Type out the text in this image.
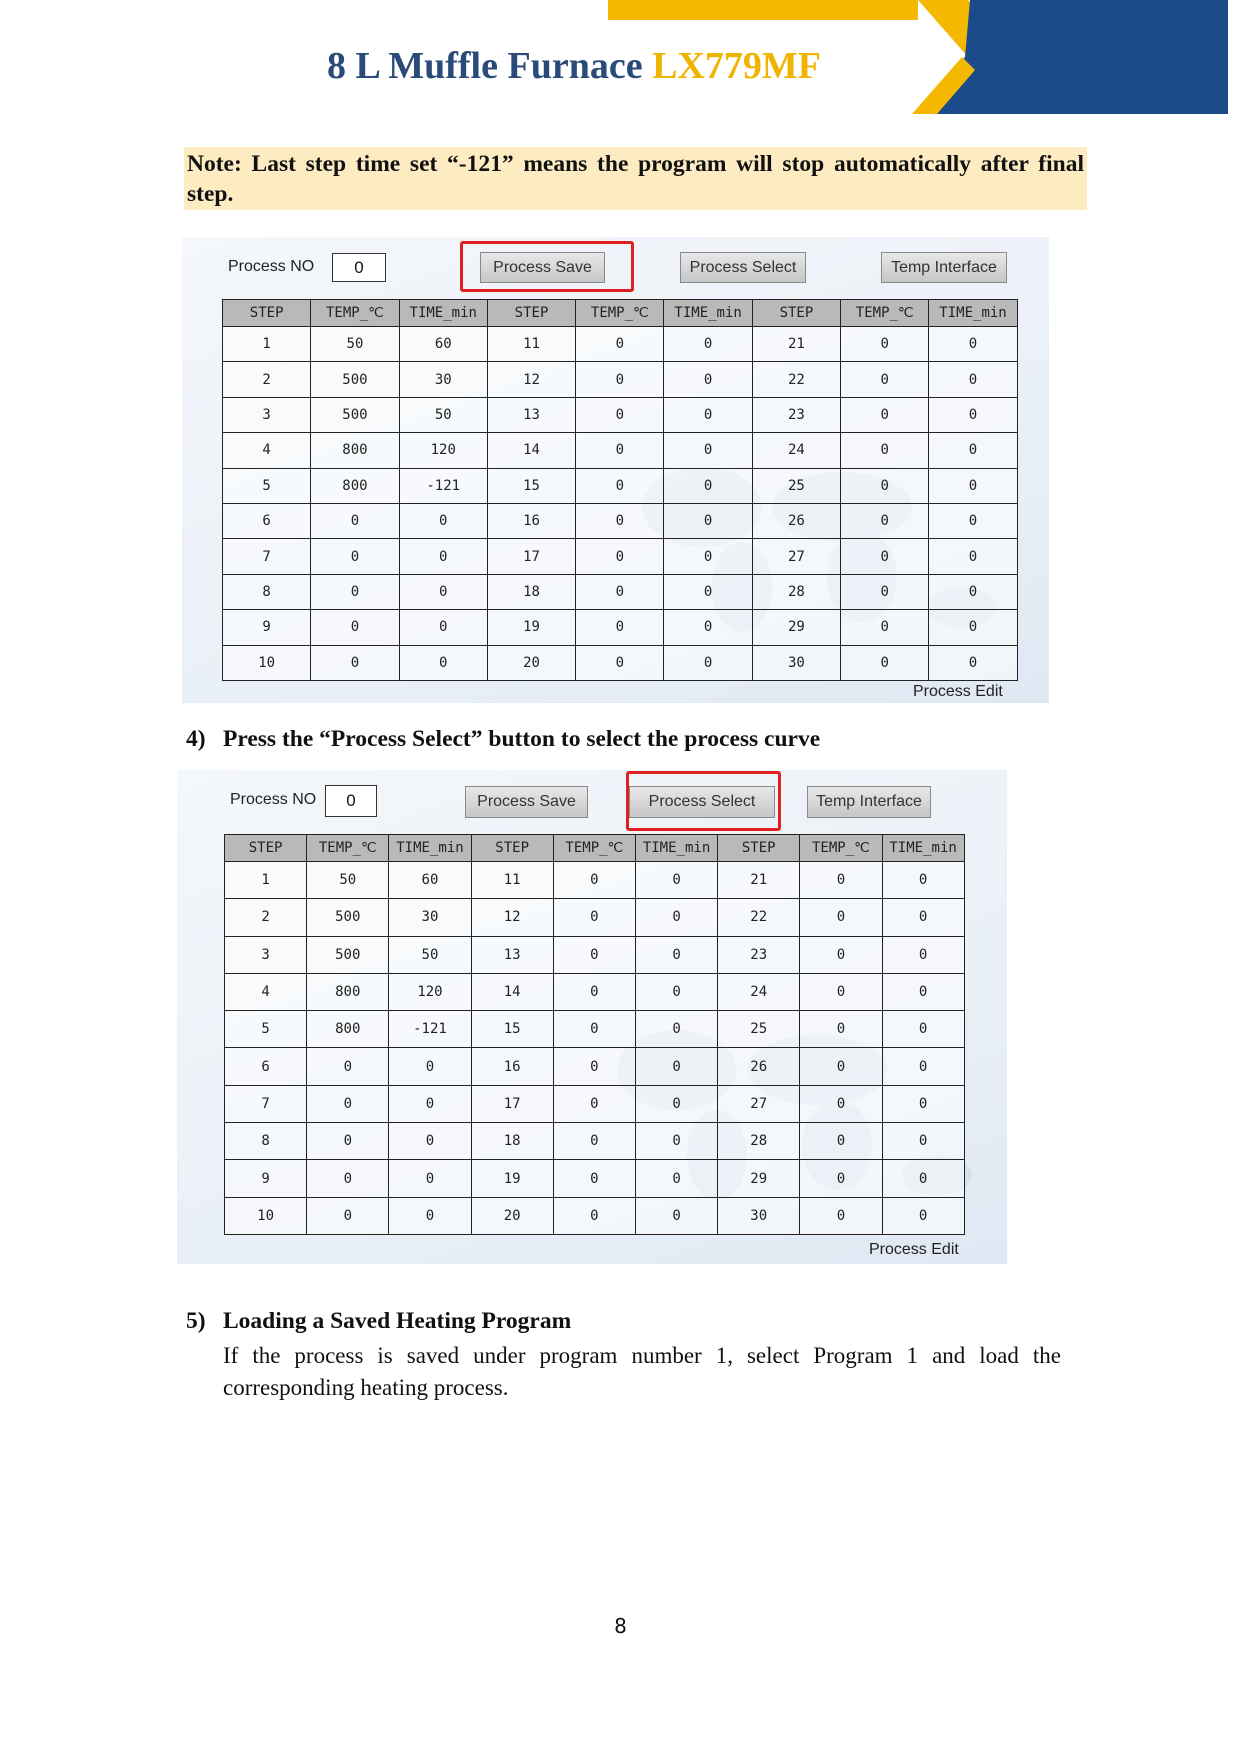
8 L Muffle Furnace LX779MF
Note: Last step time set “-121” means the program will stop automatically after final step.
Process NO	0	Process Save	Process Select	Temp Interface
STEP	TEMP_℃	TIME_min	STEP	TEMP_℃	TIME_min	STEP	TEMP_℃	TIME_min
1	50	60	11	0	0	21	0	0
2	500	30	12	0	0	22	0	0
3	500	50	13	0	0	23	0	0
4	800	120	14	0	0	24	0	0
5	800	-121	15	0	0	25	0	0
6	0	0	16	0	0	26	0	0
7	0	0	17	0	0	27	0	0
8	0	0	18	0	0	28	0	0
9	0	0	19	0	0	29	0	0
10	0	0	20	0	0	30	0	0
Process Edit
4) Press the “Process Select” button to select the process curve
Process NO	0	Process Save	Process Select	Temp Interface
STEP	TEMP_℃	TIME_min	STEP	TEMP_℃	TIME_min	STEP	TEMP_℃	TIME_min
1	50	60	11	0	0	21	0	0
2	500	30	12	0	0	22	0	0
3	500	50	13	0	0	23	0	0
4	800	120	14	0	0	24	0	0
5	800	-121	15	0	0	25	0	0
6	0	0	16	0	0	26	0	0
7	0	0	17	0	0	27	0	0
8	0	0	18	0	0	28	0	0
9	0	0	19	0	0	29	0	0
10	0	0	20	0	0	30	0	0
Process Edit
5) Loading a Saved Heating Program
If the process is saved under program number 1, select Program 1 and load the corresponding heating process.
8
